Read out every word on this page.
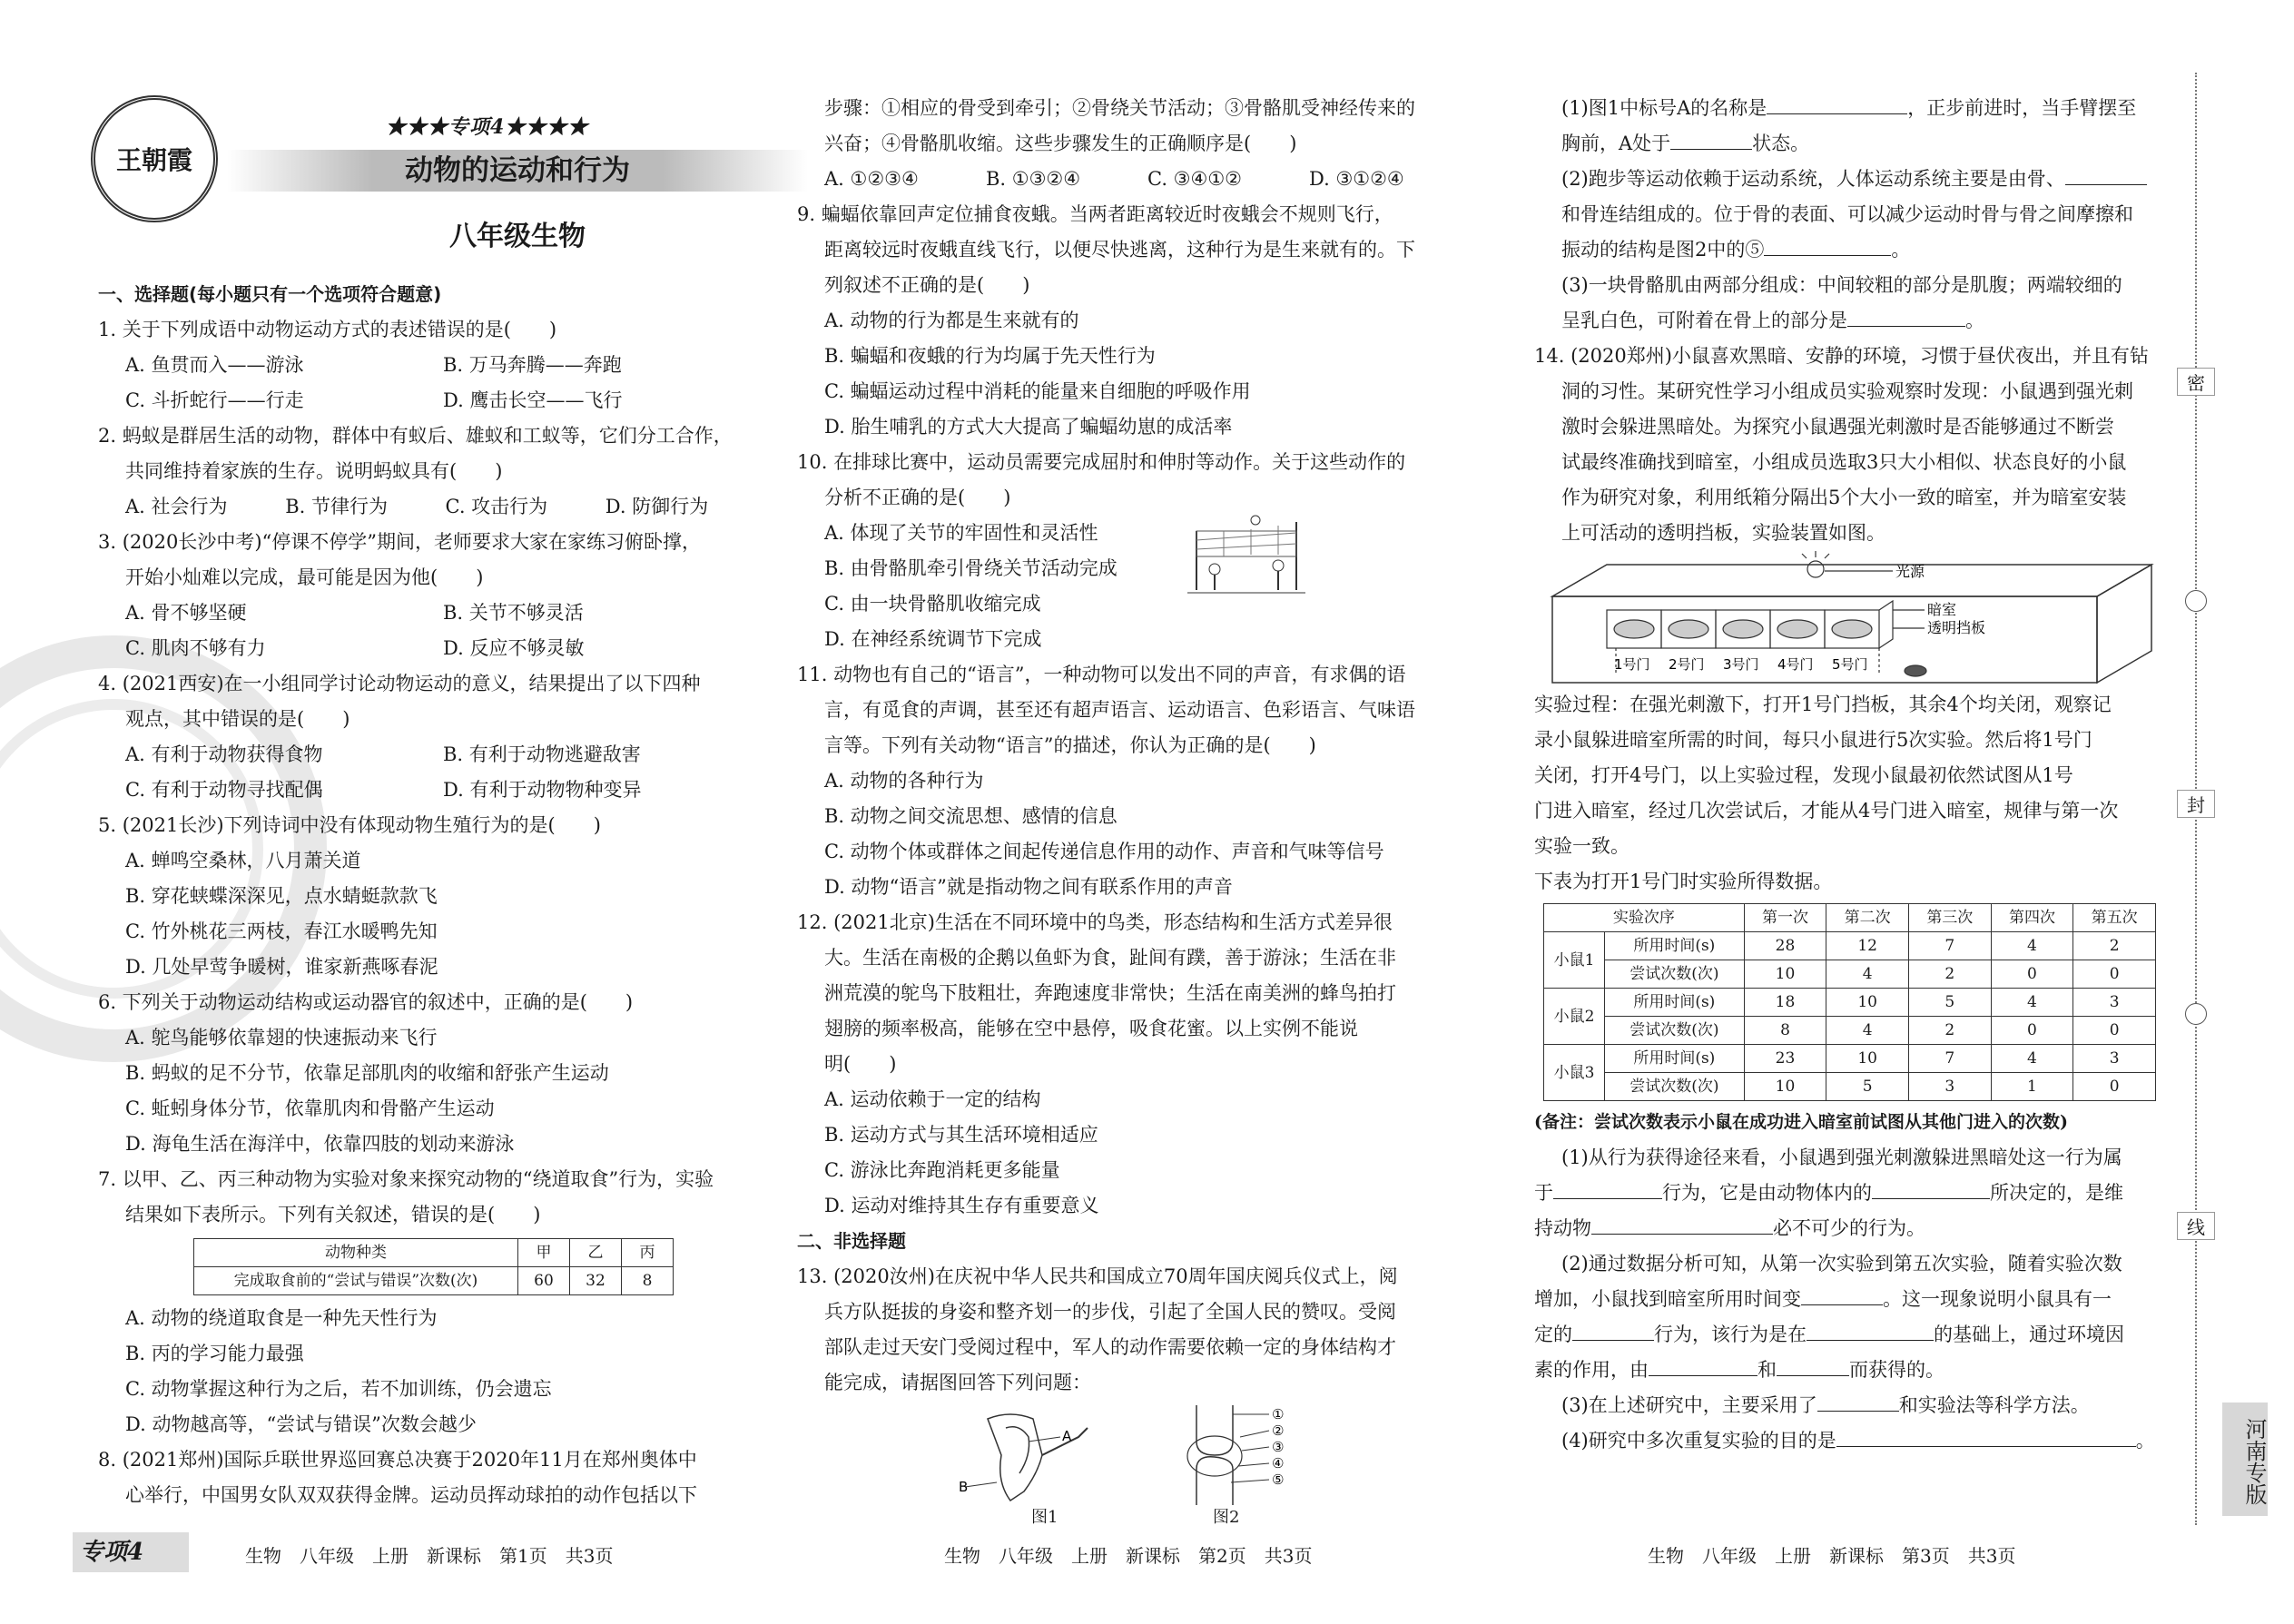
王朝霞
★★★专项4★★★★
动物的运动和行为
八年级生物
一、选择题(每小题只有一个选项符合题意)
1. 关于下列成语中动物运动方式的表述错误的是(　　)
A. 鱼贯而入——游泳	B. 万马奔腾——奔跑
C. 斗折蛇行——行走	D. 鹰击长空——飞行
2. 蚂蚁是群居生活的动物，群体中有蚁后、雄蚁和工蚁等，它们分工合作，
共同维持着家族的生存。说明蚂蚁具有(　　)
A. 社会行为	B. 节律行为	C. 攻击行为	D. 防御行为
3. (2020长沙中考)“停课不停学”期间，老师要求大家在家练习俯卧撑，
开始小灿难以完成，最可能是因为他(　　)
A. 骨不够坚硬	B. 关节不够灵活
C. 肌肉不够有力	D. 反应不够灵敏
4. (2021西安)在一小组同学讨论动物运动的意义，结果提出了以下四种
观点，其中错误的是(　　)
A. 有利于动物获得食物	B. 有利于动物逃避敌害
C. 有利于动物寻找配偶	D. 有利于动物物种变异
5. (2021长沙)下列诗词中没有体现动物生殖行为的是(　　)
A. 蝉鸣空桑林，八月萧关道
B. 穿花蛱蝶深深见，点水蜻蜓款款飞
C. 竹外桃花三两枝，春江水暖鸭先知
D. 几处早莺争暖树，谁家新燕啄春泥
6. 下列关于动物运动结构或运动器官的叙述中，正确的是(　　)
A. 鸵鸟能够依靠翅的快速振动来飞行
B. 蚂蚁的足不分节，依靠足部肌肉的收缩和舒张产生运动
C. 蚯蚓身体分节，依靠肌肉和骨骼产生运动
D. 海龟生活在海洋中，依靠四肢的划动来游泳
7. 以甲、乙、丙三种动物为实验对象来探究动物的“绕道取食”行为，实验
结果如下表所示。下列有关叙述，错误的是(　　)
动物种类	甲	乙	丙
完成取食前的“尝试与错误”次数(次)	60	32	8
A. 动物的绕道取食是一种先天性行为
B. 丙的学习能力最强
C. 动物掌握这种行为之后，若不加训练，仍会遗忘
D. 动物越高等，“尝试与错误”次数会越少
8. (2021郑州)国际乒联世界巡回赛总决赛于2020年11月在郑州奥体中
心举行，中国男女队双双获得金牌。运动员挥动球拍的动作包括以下
步骤：①相应的骨受到牵引；②骨绕关节活动；③骨骼肌受神经传来的
兴奋；④骨骼肌收缩。这些步骤发生的正确顺序是(　　)
A. ①②③④	B. ①③②④	C. ③④①②	D. ③①②④
9. 蝙蝠依靠回声定位捕食夜蛾。当两者距离较近时夜蛾会不规则飞行，
距离较远时夜蛾直线飞行，以便尽快逃离，这种行为是生来就有的。下
列叙述不正确的是(　　)
A. 动物的行为都是生来就有的
B. 蝙蝠和夜蛾的行为均属于先天性行为
C. 蝙蝠运动过程中消耗的能量来自细胞的呼吸作用
D. 胎生哺乳的方式大大提高了蝙蝠幼崽的成活率
10. 在排球比赛中，运动员需要完成屈肘和伸肘等动作。关于这些动作的
分析不正确的是(　　)
A. 体现了关节的牢固性和灵活性
B. 由骨骼肌牵引骨绕关节活动完成
C. 由一块骨骼肌收缩完成
D. 在神经系统调节下完成
11. 动物也有自己的“语言”，一种动物可以发出不同的声音，有求偶的语
言，有觅食的声调，甚至还有超声语言、运动语言、色彩语言、气味语
言等。下列有关动物“语言”的描述，你认为正确的是(　　)
A. 动物的各种行为
B. 动物之间交流思想、感情的信息
C. 动物个体或群体之间起传递信息作用的动作、声音和气味等信号
D. 动物“语言”就是指动物之间有联系作用的声音
12. (2021北京)生活在不同环境中的鸟类，形态结构和生活方式差异很
大。生活在南极的企鹅以鱼虾为食，趾间有蹼，善于游泳；生活在非
洲荒漠的鸵鸟下肢粗壮，奔跑速度非常快；生活在南美洲的蜂鸟拍打
翅膀的频率极高，能够在空中悬停，吸食花蜜。以上实例不能说
明(　　)
A. 运动依赖于一定的结构
B. 运动方式与其生活环境相适应
C. 游泳比奔跑消耗更多能量
D. 运动对维持其生存有重要意义
二、非选择题
13. (2020汝州)在庆祝中华人民共和国成立70周年国庆阅兵仪式上，阅
兵方队挺拔的身姿和整齐划一的步伐，引起了全国人民的赞叹。受阅
部队走过天安门受阅过程中，军人的动作需要依赖一定的身体结构才
能完成，请据图回答下列问题：
A
B
图1
①
②
③
④
⑤
图2
(1)图1中标号A的名称是	，正步前进时，当手臂摆至
胸前，A处于	状态。
(2)跑步等运动依赖于运动系统，人体运动系统主要是由骨、
和骨连结组成的。位于骨的表面、可以减少运动时骨与骨之间摩擦和
振动的结构是图2中的⑤	。
(3)一块骨骼肌由两部分组成：中间较粗的部分是肌腹；两端较细的
呈乳白色，可附着在骨上的部分是	。
14. (2020郑州)小鼠喜欢黑暗、安静的环境，习惯于昼伏夜出，并且有钻
洞的习性。某研究性学习小组成员实验观察时发现：小鼠遇到强光刺
激时会躲进黑暗处。为探究小鼠遇强光刺激时是否能够通过不断尝
试最终准确找到暗室，小组成员选取3只大小相似、状态良好的小鼠
作为研究对象，利用纸箱分隔出5个大小一致的暗室，并为暗室安装
上可活动的透明挡板，实验装置如图。
光源
暗室
透明挡板
1号门 2号门 3号门 4号门 5号门
实验过程：在强光刺激下，打开1号门挡板，其余4个均关闭，观察记
录小鼠躲进暗室所需的时间，每只小鼠进行5次实验。然后将1号门
关闭，打开4号门，以上实验过程，发现小鼠最初依然试图从1号
门进入暗室，经过几次尝试后，才能从4号门进入暗室，规律与第一次
实验一致。
下表为打开1号门时实验所得数据。
实验次序		第一次	第二次	第三次	第四次	第五次
小鼠1	所用时间(s)	28	12	7	4	2
	尝试次数(次)	10	4	2	0	0
小鼠2	所用时间(s)	18	10	5	4	3
	尝试次数(次)	8	4	2	0	0
小鼠3	所用时间(s)	23	10	7	4	3
	尝试次数(次)	10	5	3	1	0
(备注：尝试次数表示小鼠在成功进入暗室前试图从其他门进入的次数)
(1)从行为获得途径来看，小鼠遇到强光刺激躲进黑暗处这一行为属
于	行为，它是由动物体内的	所决定的，是维
持动物	必不可少的行为。
(2)通过数据分析可知，从第一次实验到第五次实验，随着实验次数
增加，小鼠找到暗室所用时间变	。这一现象说明小鼠具有一
定的	行为，该行为是在	的基础上，通过环境因
素的作用，由	和	而获得的。
(3)在上述研究中，主要采用了	和实验法等科学方法。
(4)研究中多次重复实验的目的是	。
专项4	生物　八年级　上册　新课标　第1页　共3页	生物　八年级　上册　新课标　第2页　共3页	生物　八年级　上册　新课标　第3页　共3页
密
封
线
河南专版
